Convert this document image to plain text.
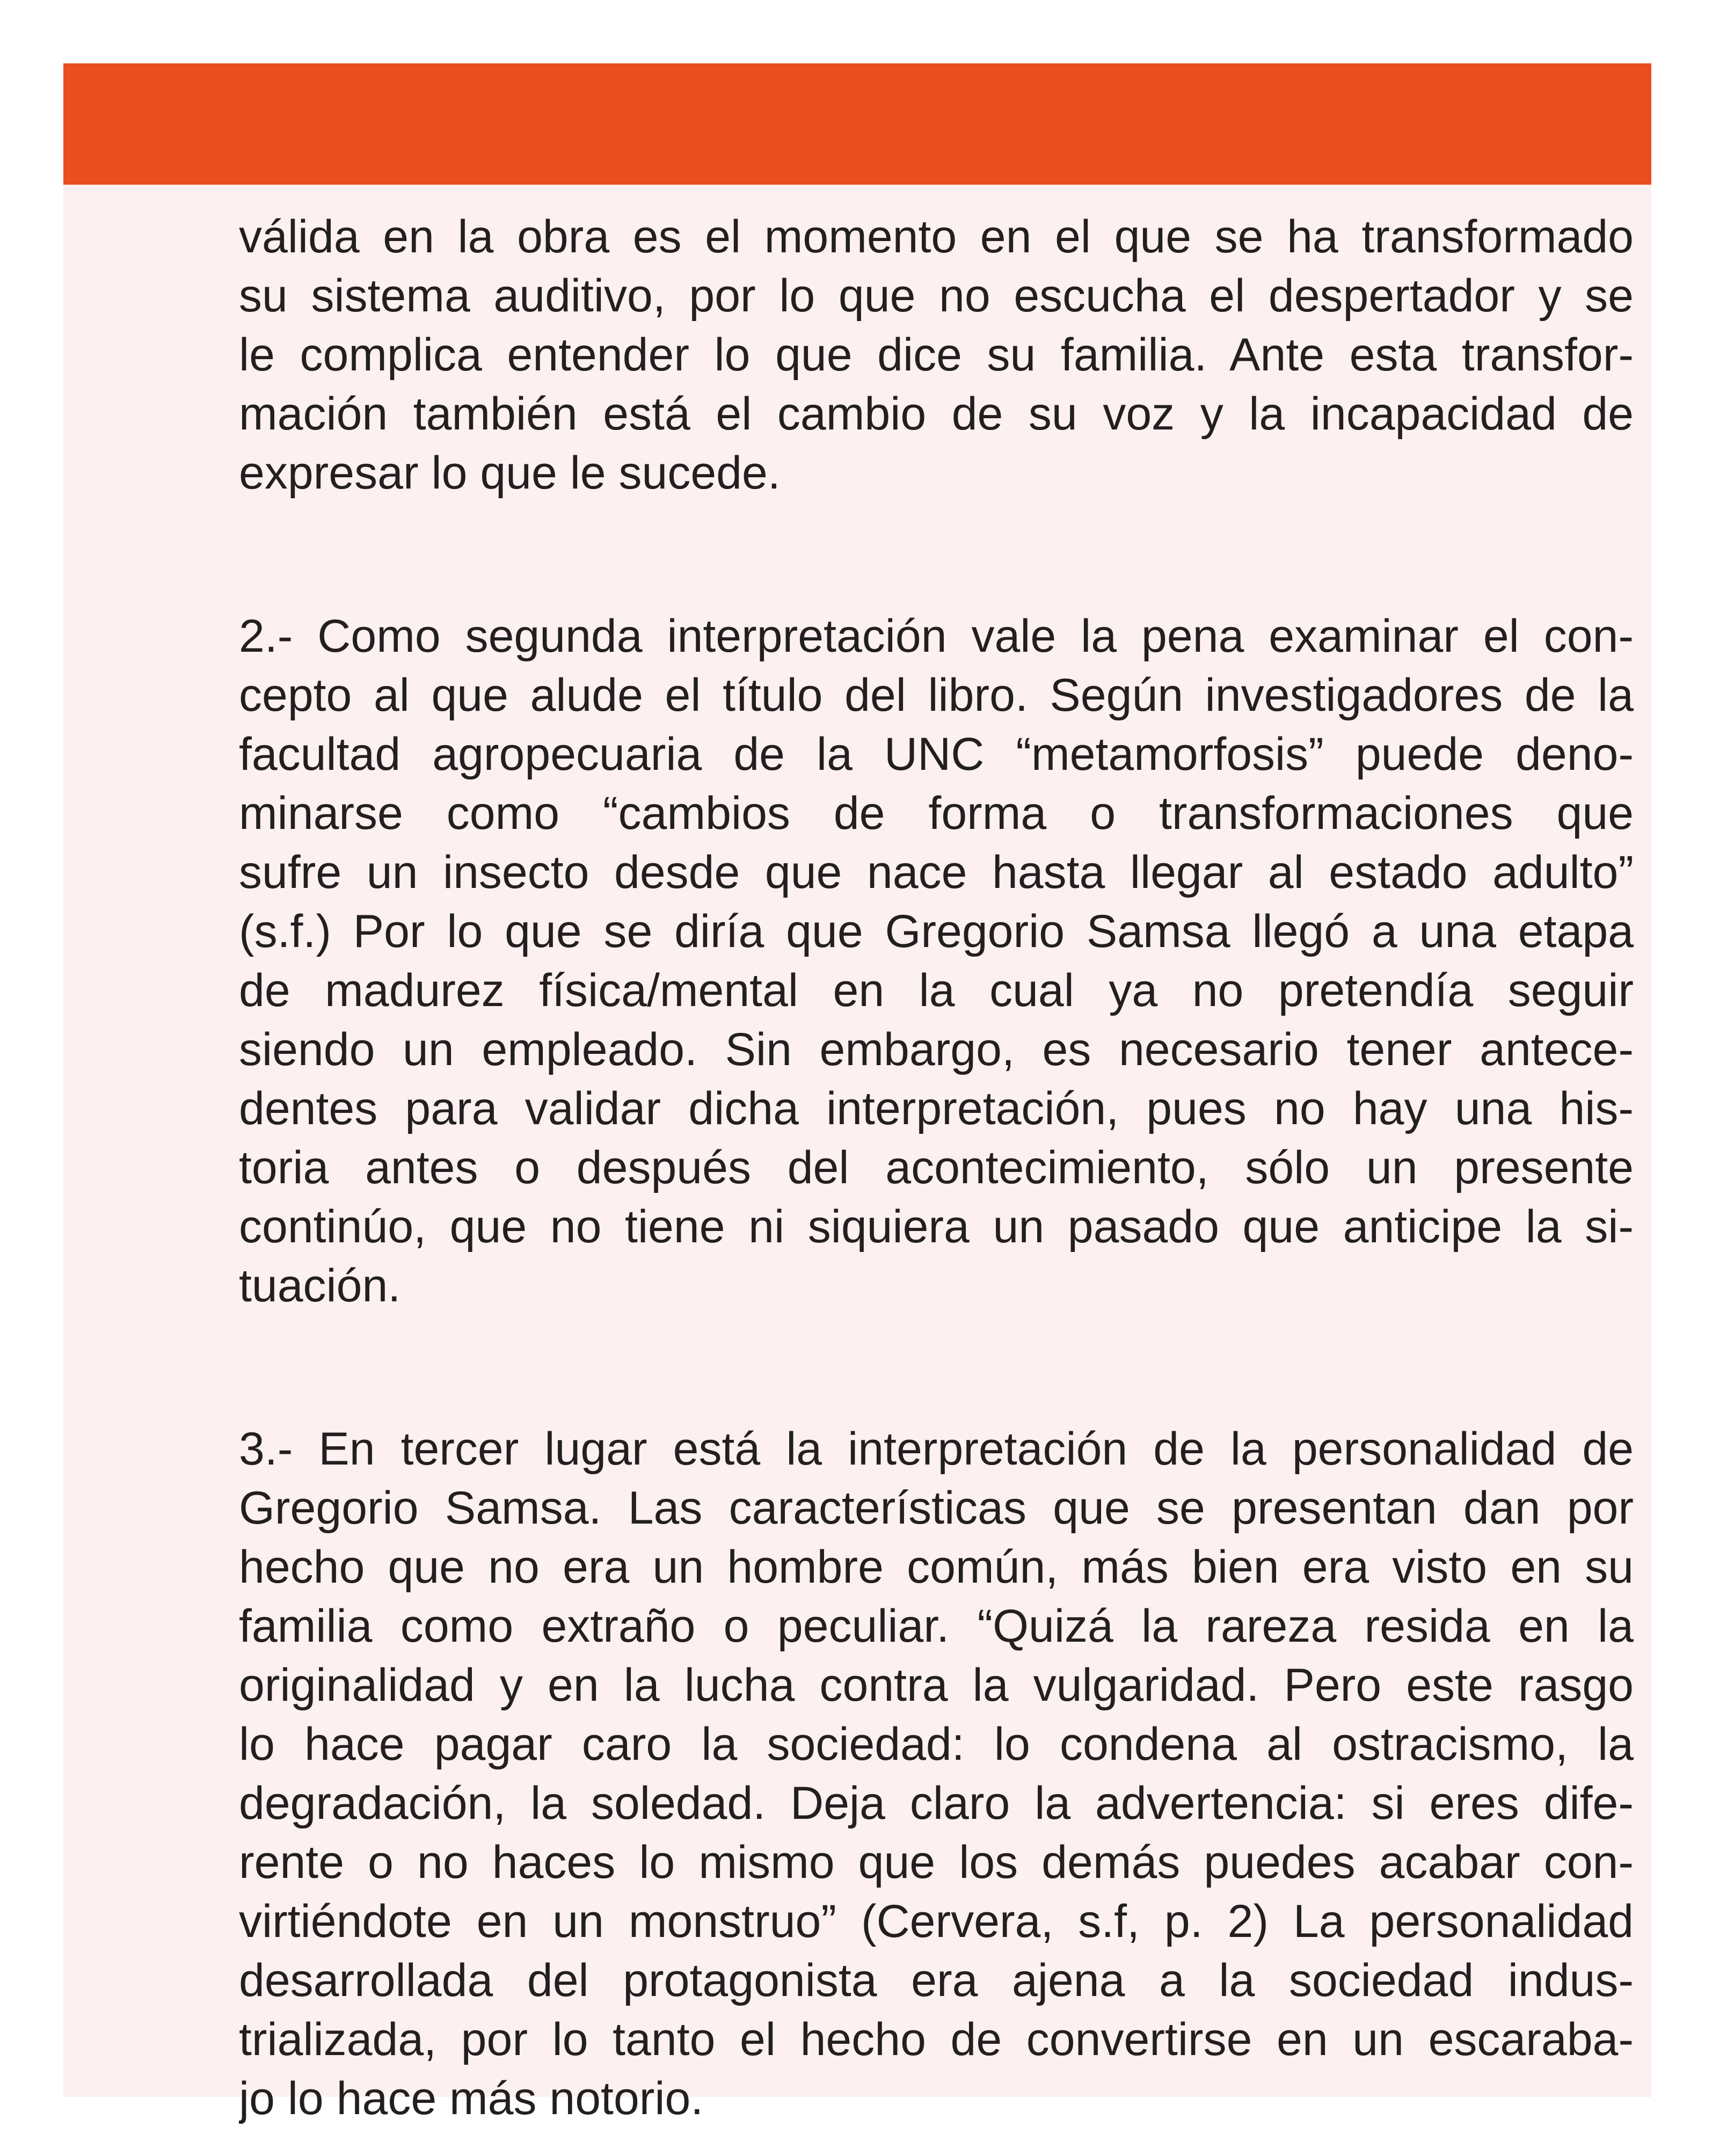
válida en la obra es el momento en el que se ha transformado
su sistema auditivo, por lo que no escucha el despertador y se
le complica entender lo que dice su familia. Ante esta transfor-
mación también está el cambio de su voz y la incapacidad de
expresar lo que le sucede.

2.- Como segunda interpretación vale la pena examinar el con-
cepto al que alude el título del libro. Según investigadores de la
facultad agropecuaria de la UNC “metamorfosis” puede deno-
minarse como “cambios de forma o transformaciones que
sufre un insecto desde que nace hasta llegar al estado adulto”
(s.f.) Por lo que se diría que Gregorio Samsa llegó a una etapa
de madurez física/mental en la cual ya no pretendía seguir
siendo un empleado. Sin embargo, es necesario tener antece-
dentes para validar dicha interpretación, pues no hay una his-
toria antes o después del acontecimiento, sólo un presente
continúo, que no tiene ni siquiera un pasado que anticipe la si-
tuación.

3.- En tercer lugar está la interpretación de la personalidad de
Gregorio Samsa. Las características que se presentan dan por
hecho que no era un hombre común, más bien era visto en su
familia como extraño o peculiar. “Quizá la rareza resida en la
originalidad y en la lucha contra la vulgaridad. Pero este rasgo
lo hace pagar caro la sociedad: lo condena al ostracismo, la
degradación, la soledad. Deja claro la advertencia: si eres dife-
rente o no haces lo mismo que los demás puedes acabar con-
virtiéndote en un monstruo” (Cervera, s.f, p. 2) La personalidad
desarrollada del protagonista era ajena a la sociedad indus-
trializada, por lo tanto el hecho de convertirse en un escaraba-
jo lo hace más notorio.
